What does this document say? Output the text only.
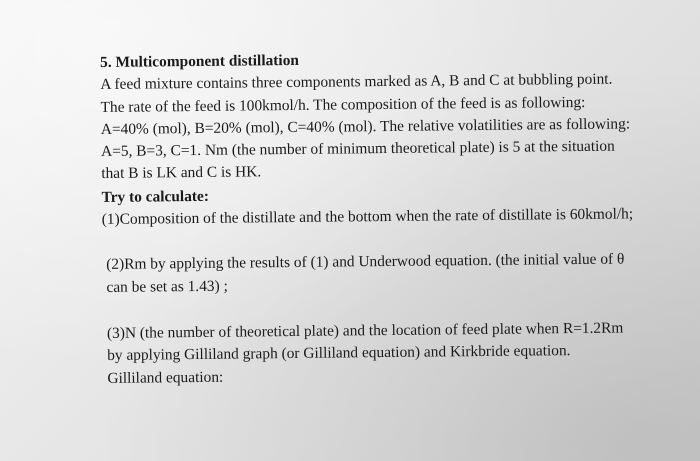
5. Multicomponent distillation
A feed mixture contains three components marked as A, B and C at bubbling point.
The rate of the feed is 100kmol/h. The composition of the feed is as following:
A=40% (mol), B=20% (mol), C=40% (mol). The relative volatilities are as following:
A=5, B=3, C=1. Nm (the number of minimum theoretical plate) is 5 at the situation
that B is LK and C is HK.
Try to calculate:
(1)Composition of the distillate and the bottom when the rate of distillate is 60kmol/h;
(2)Rm by applying the results of (1) and Underwood equation. (the initial value of θ
can be set as 1.43) ;
(3)N (the number of theoretical plate) and the location of feed plate when R=1.2Rm
by applying Gilliland graph (or Gilliland equation) and Kirkbride equation.
Gilliland equation:
